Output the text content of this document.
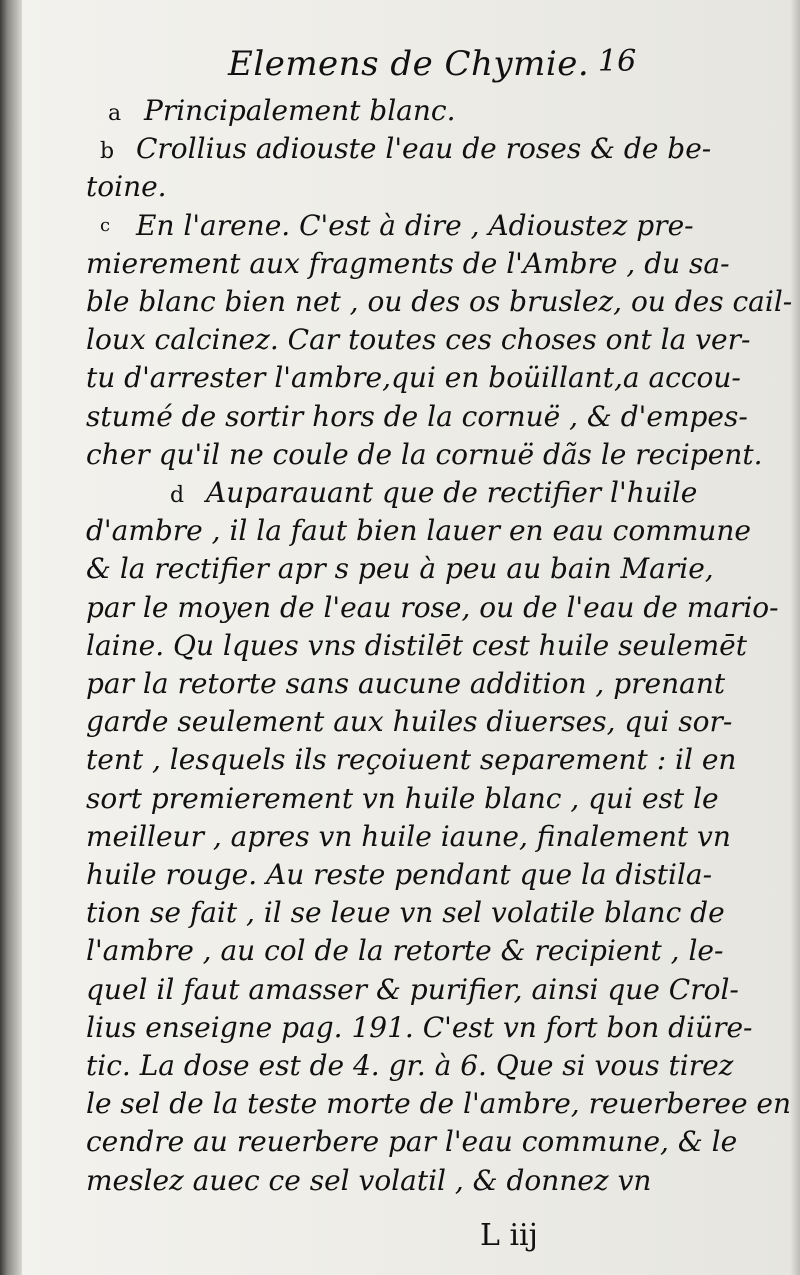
Elemens de Chymie. 16
a Principalement blanc.
b Crollius adiouste l'eau de roses & de be-
toine.
c En l'arene. C'est à dire , Adioustez pre-
mierement aux fragments de l'Ambre , du sa-
ble blanc bien net , ou des os bruslez, ou des cail-
loux calcinez. Car toutes ces choses ont la ver-
tu d'arrester l'ambre,qui en boüillant,a accou-
stumé de sortir hors de la cornuë , & d'empes-
cher qu'il ne coule de la cornuë dãs le recipent.
d Auparauant que de rectifier l'huile
d'ambre , il la faut bien lauer en eau commune
& la rectifier apr s peu à peu au bain Marie,
par le moyen de l'eau rose, ou de l'eau de mario-
laine. Qu lques vns distilēt cest huile seulemēt
par la retorte sans aucune addition , prenant
garde seulement aux huiles diuerses, qui sor-
tent , lesquels ils reçoiuent separement : il en
sort premierement vn huile blanc , qui est le
meilleur , apres vn huile iaune, finalement vn
huile rouge. Au reste pendant que la distila-
tion se fait , il se leue vn sel volatile blanc de
l'ambre , au col de la retorte & recipient , le-
quel il faut amasser & purifier, ainsi que Crol-
lius enseigne pag. 191. C'est vn fort bon diüre-
tic. La dose est de 4. gr. à 6. Que si vous tirez
le sel de la teste morte de l'ambre, reuerberee en
cendre au reuerbere par l'eau commune, & le
meslez auec ce sel volatil , & donnez vn
L iij
